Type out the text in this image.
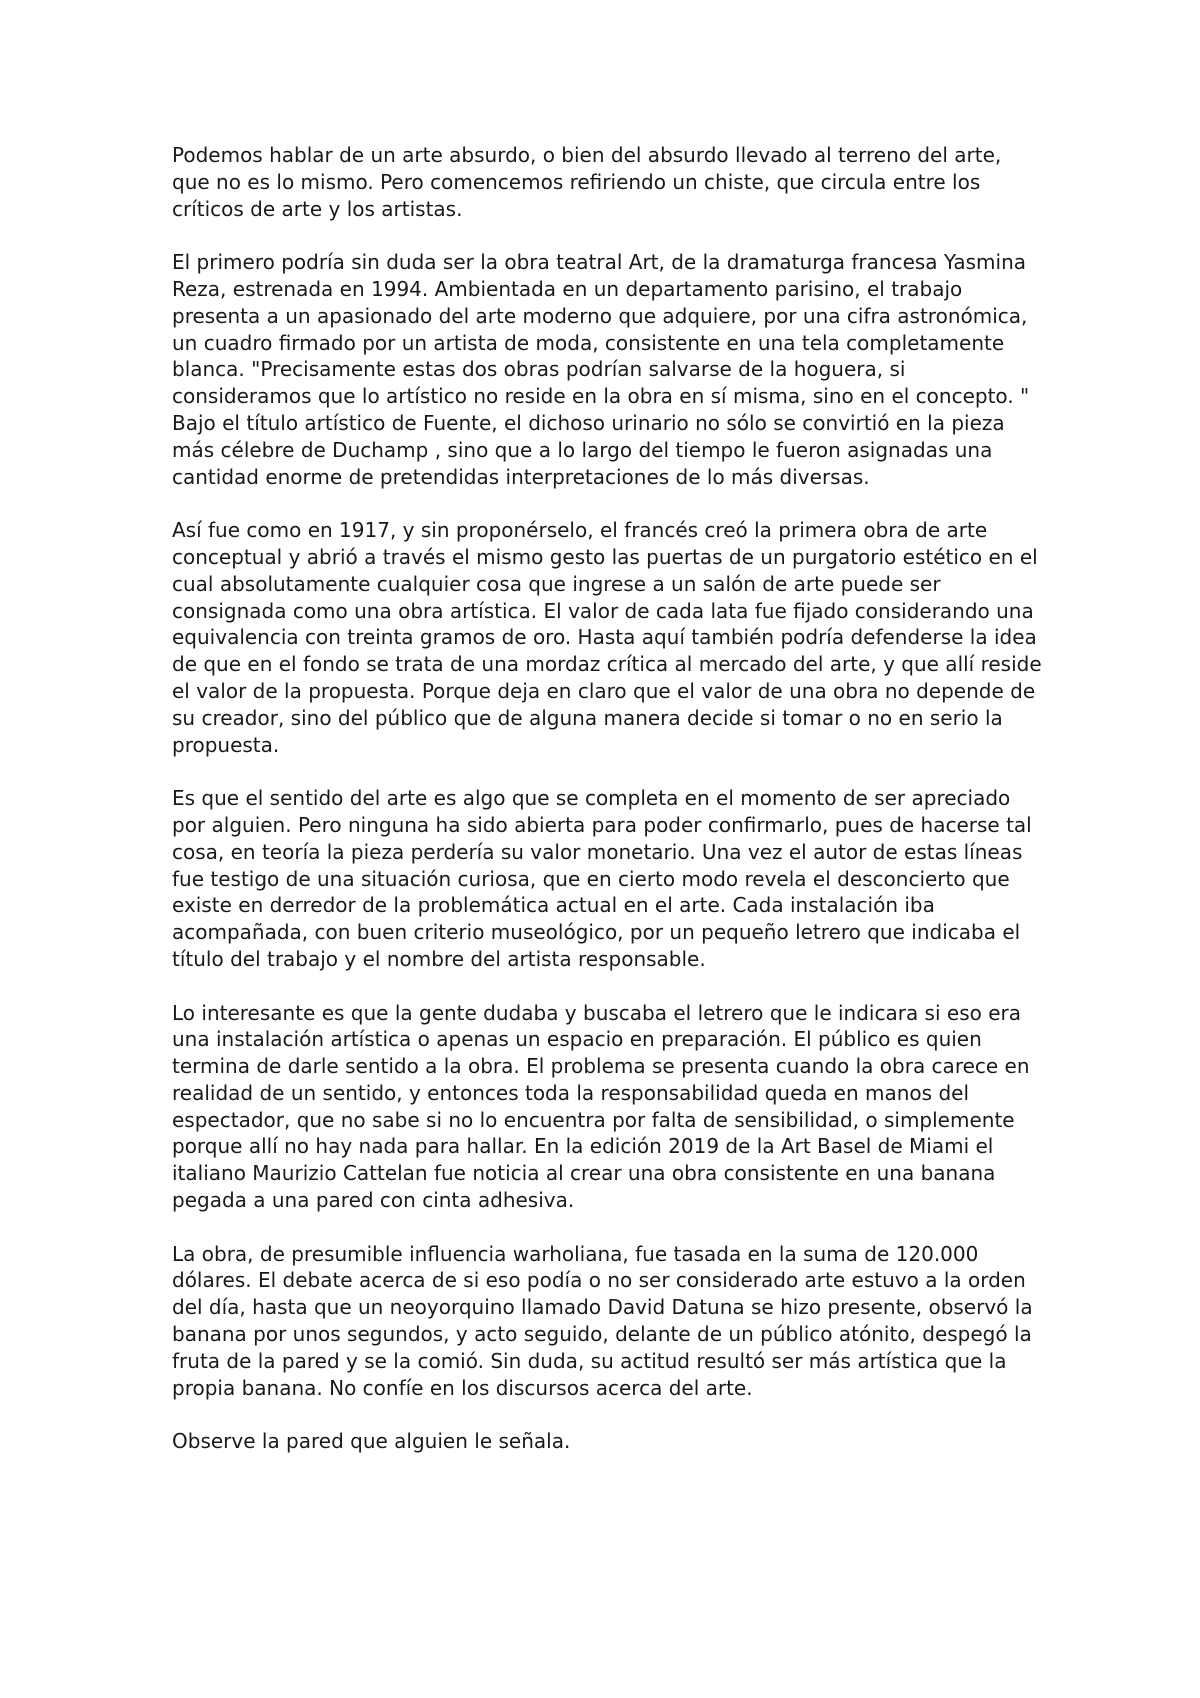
Podemos hablar de un arte absurdo, o bien del absurdo llevado al terreno del arte, que no es lo mismo. Pero comencemos refiriendo un chiste, que circula entre los críticos de arte y los artistas.

El primero podría sin duda ser la obra teatral Art, de la dramaturga francesa Yasmina Reza, estrenada en 1994. Ambientada en un departamento parisino, el trabajo presenta a un apasionado del arte moderno que adquiere, por una cifra astronómica, un cuadro firmado por un artista de moda, consistente en una tela completamente blanca. "Precisamente estas dos obras podrían salvarse de la hoguera, si consideramos que lo artístico no reside en la obra en sí misma, sino en el concepto. " Bajo el título artístico de Fuente, el dichoso urinario no sólo se convirtió en la pieza más célebre de Duchamp , sino que a lo largo del tiempo le fueron asignadas una cantidad enorme de pretendidas interpretaciones de lo más diversas.

Así fue como en 1917, y sin proponérselo, el francés creó la primera obra de arte conceptual y abrió a través el mismo gesto las puertas de un purgatorio estético en el cual absolutamente cualquier cosa que ingrese a un salón de arte puede ser consignada como una obra artística. El valor de cada lata fue fijado considerando una equivalencia con treinta gramos de oro. Hasta aquí también podría defenderse la idea de que en el fondo se trata de una mordaz crítica al mercado del arte, y que allí reside el valor de la propuesta. Porque deja en claro que el valor de una obra no depende de su creador, sino del público que de alguna manera decide si tomar o no en serio la propuesta.

Es que el sentido del arte es algo que se completa en el momento de ser apreciado por alguien. Pero ninguna ha sido abierta para poder confirmarlo, pues de hacerse tal cosa, en teoría la pieza perdería su valor monetario. Una vez el autor de estas líneas fue testigo de una situación curiosa, que en cierto modo revela el desconcierto que existe en derredor de la problemática actual en el arte. Cada instalación iba acompañada, con buen criterio museológico, por un pequeño letrero que indicaba el título del trabajo y el nombre del artista responsable.

Lo interesante es que la gente dudaba y buscaba el letrero que le indicara si eso era una instalación artística o apenas un espacio en preparación. El público es quien termina de darle sentido a la obra. El problema se presenta cuando la obra carece en realidad de un sentido, y entonces toda la responsabilidad queda en manos del espectador, que no sabe si no lo encuentra por falta de sensibilidad, o simplemente porque allí no hay nada para hallar. En la edición 2019 de la Art Basel de Miami el italiano Maurizio Cattelan fue noticia al crear una obra consistente en una banana pegada a una pared con cinta adhesiva.

La obra, de presumible influencia warholiana, fue tasada en la suma de 120.000 dólares. El debate acerca de si eso podía o no ser considerado arte estuvo a la orden del día, hasta que un neoyorquino llamado David Datuna se hizo presente, observó la banana por unos segundos, y acto seguido, delante de un público atónito, despegó la fruta de la pared y se la comió. Sin duda, su actitud resultó ser más artística que la propia banana. No confíe en los discursos acerca del arte.

Observe la pared que alguien le señala.
